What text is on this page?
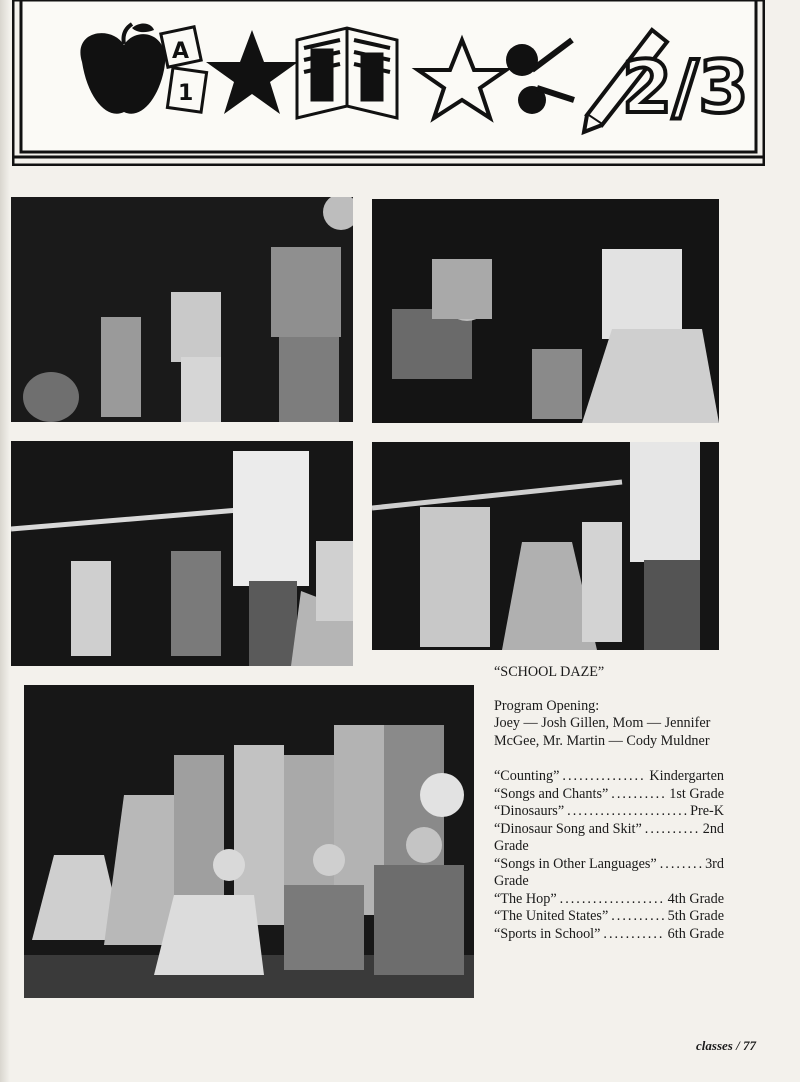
A
1	2/3
“SCHOOL DAZE”
Program Opening:
Joey — Josh Gillen, Mom — Jennifer McGee, Mr. Martin — Cody Muldner
“Counting” .....	Kindergarten
“Songs and Chants” .....	1st Grade
“Dinosaurs” .....	Pre-K
“Dinosaur Song and Skit” .....	2nd
Grade
“Songs in Other Languages” .....	3rd
Grade
“The Hop” .....	4th Grade
“The United States” .....	5th Grade
“Sports in School” .....	6th Grade
classes / 77
